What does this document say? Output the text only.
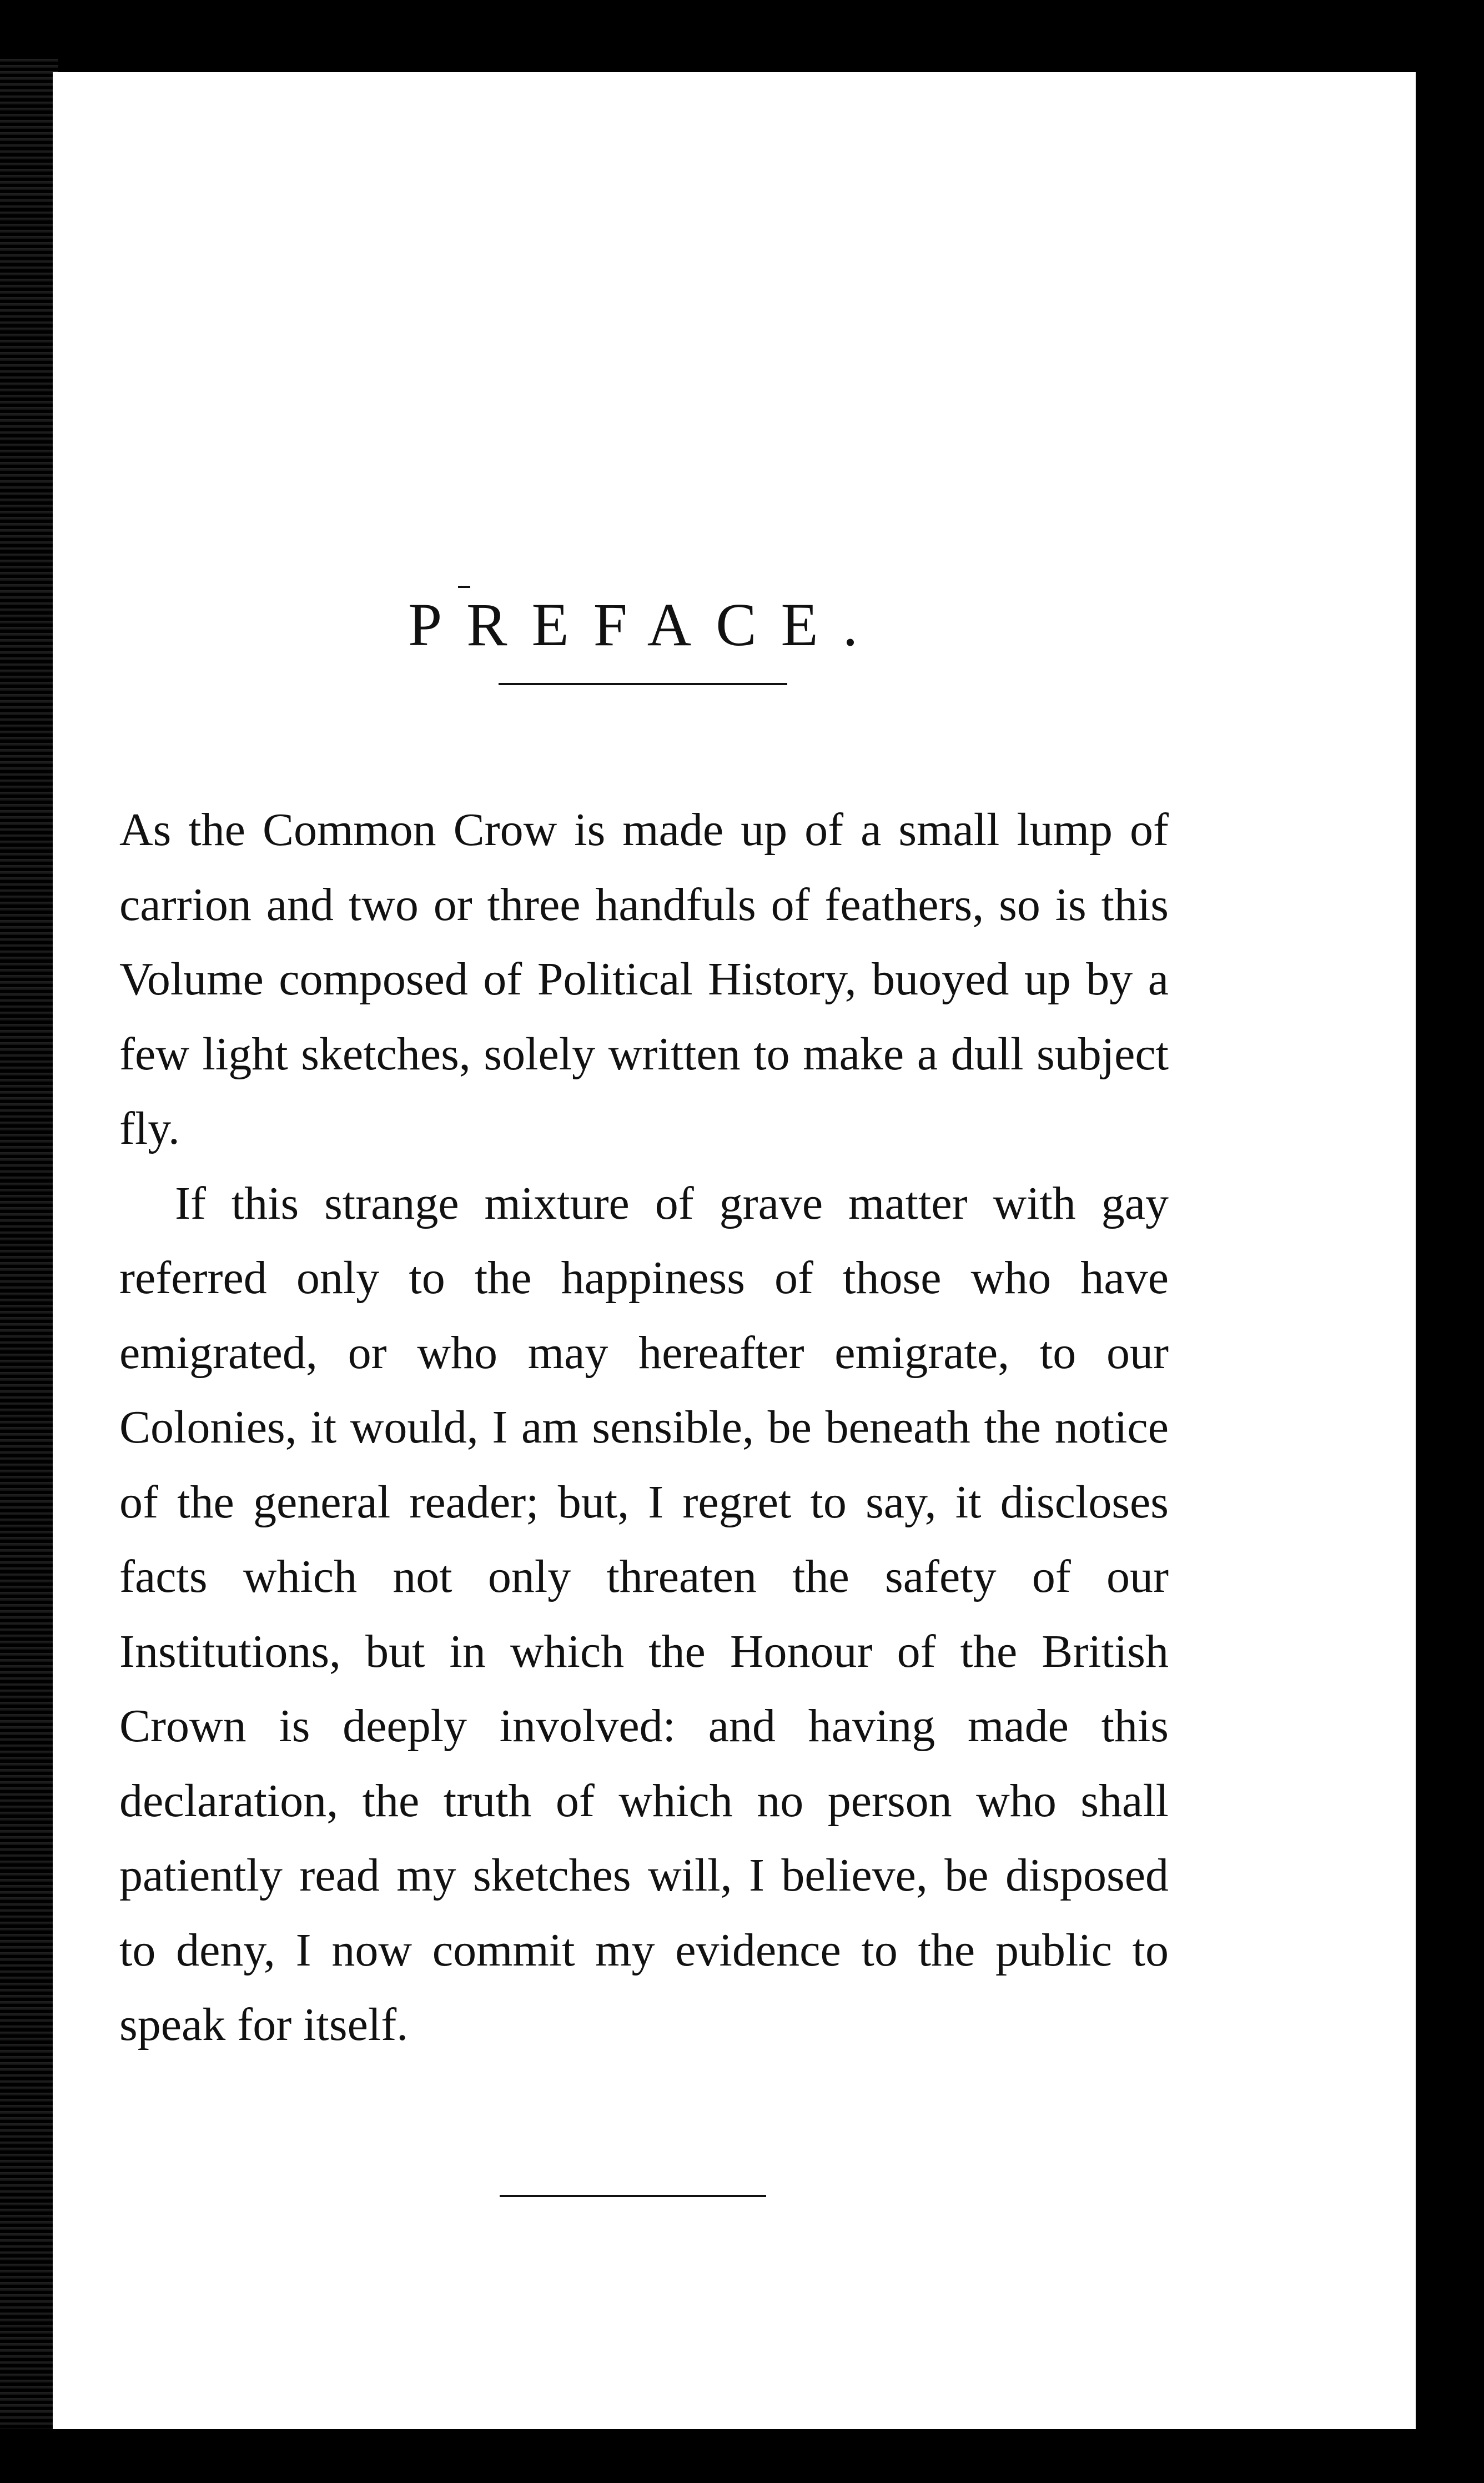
PREFACE.

As the Common Crow is made up of a small lump of carrion and two or three handfuls of feathers, so is this Volume composed of Political History, buoyed up by a few light sketches, solely written to make a dull subject fly.

If this strange mixture of grave matter with gay referred only to the happiness of those who have emigrated, or who may hereafter emigrate, to our Colonies, it would, I am sensible, be beneath the notice of the general reader; but, I regret to say, it discloses facts which not only threaten the safety of our Institutions, but in which the Honour of the British Crown is deeply involved: and having made this declaration, the truth of which no person who shall patiently read my sketches will, I believe, be disposed to deny, I now commit my evidence to the public to speak for itself.
